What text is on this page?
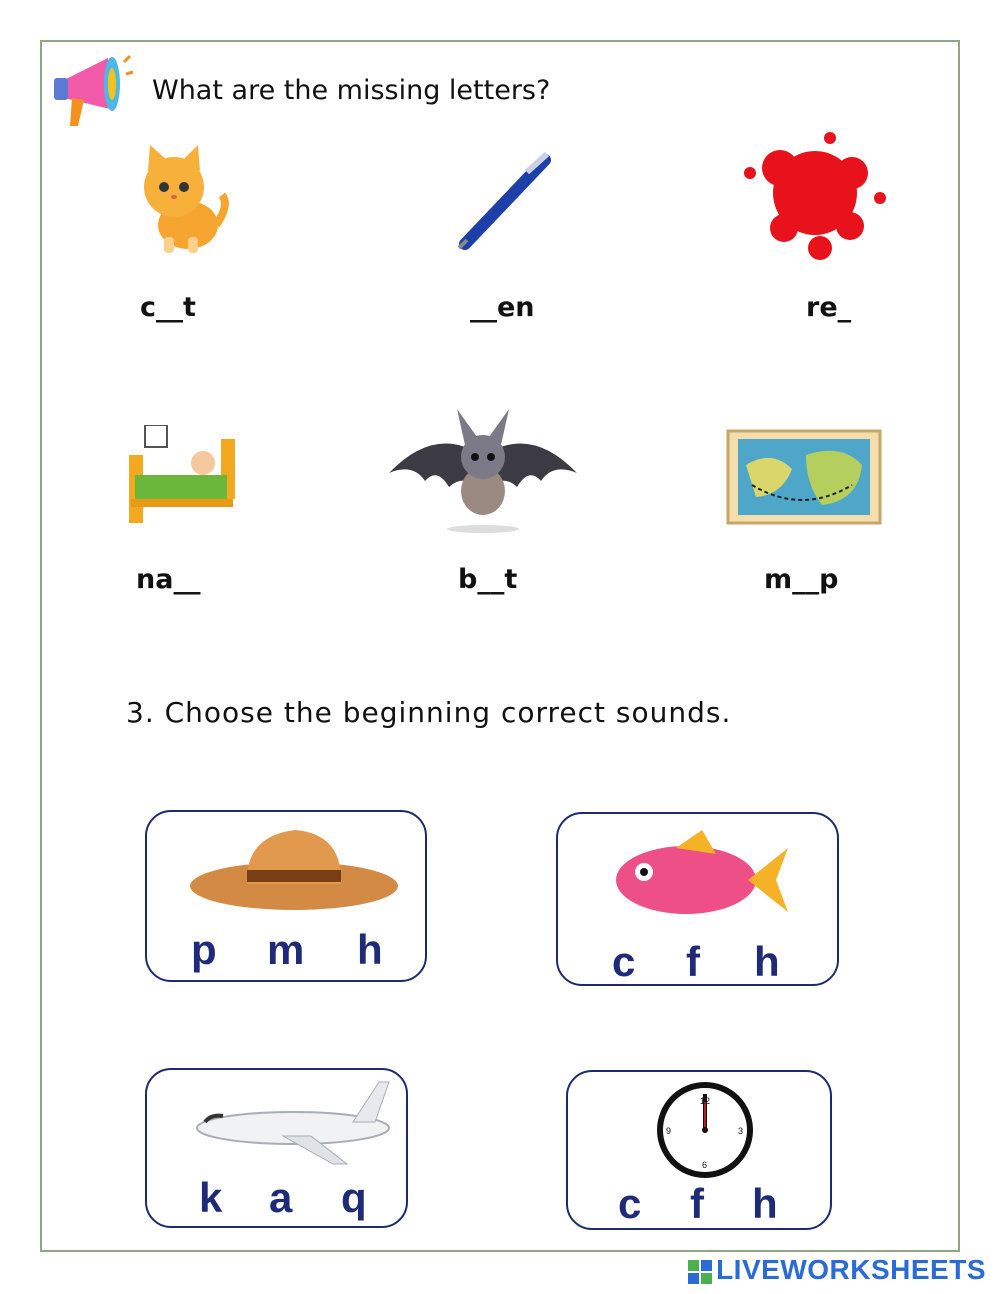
What are the missing letters?
c__t	__en	re_
na__	b__t	m__p
3. Choose the beginning correct sounds.
p m h	c f h
k a q
12
3
6
9
c f h
LIVEWORKSHEETS
